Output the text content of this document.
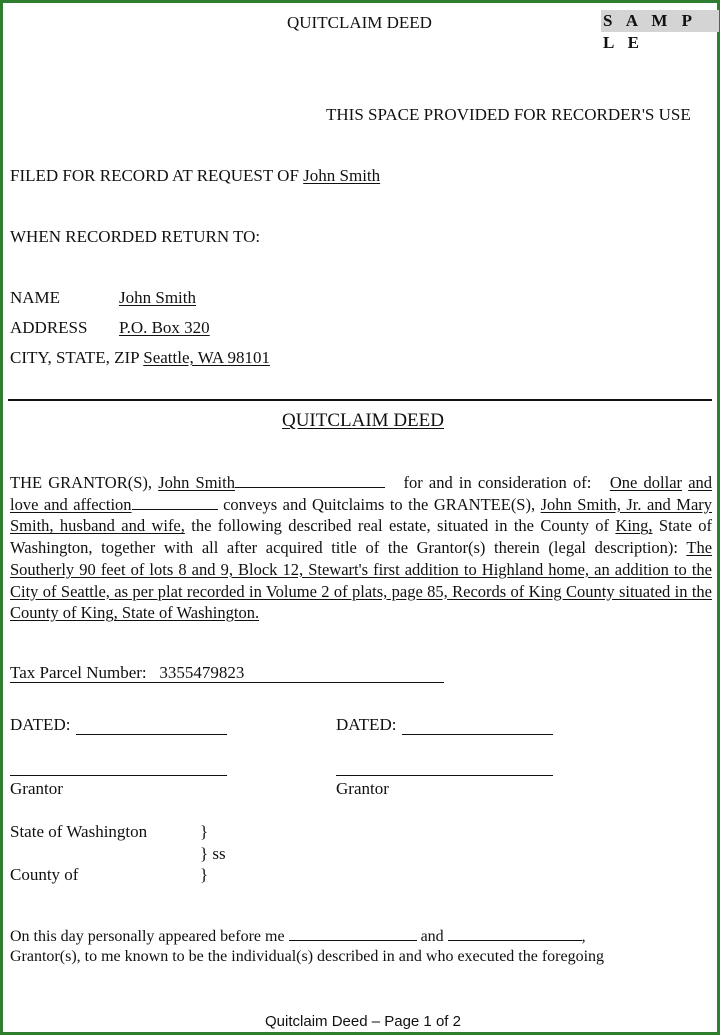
QUITCLAIM DEED	S A M P L E
THIS SPACE PROVIDED FOR RECORDER'S USE
FILED FOR RECORD AT REQUEST OF John Smith
WHEN RECORDED RETURN TO:
NAME	John Smith
ADDRESS P.O. Box 320
CITY, STATE, ZIP Seattle, WA 98101
QUITCLAIM DEED
THE GRANTOR(S), John Smith	for and in consideration of: One dollar and love and affection	conveys and Quitclaims to the GRANTEE(S), John Smith, Jr. and Mary Smith, husband and wife, the following described real estate, situated in the County of King, State of Washington, together with all after acquired title of the Grantor(s) therein (legal description): The Southerly 90 feet of lots 8 and 9, Block 12, Stewart's first addition to Highland home, an addition to the City of Seattle, as per plat recorded in Volume 2 of plats, page 85, Records of King County situated in the County of King, State of Washington.
Tax Parcel Number: 3355479823
DATED:	DATED:
Grantor	Grantor
State of Washington	}
} ss
County of	}
On this day personally appeared before me	and	,
Grantor(s), to me known to be the individual(s) described in and who executed the foregoing
Quitclaim Deed – Page 1 of 2
